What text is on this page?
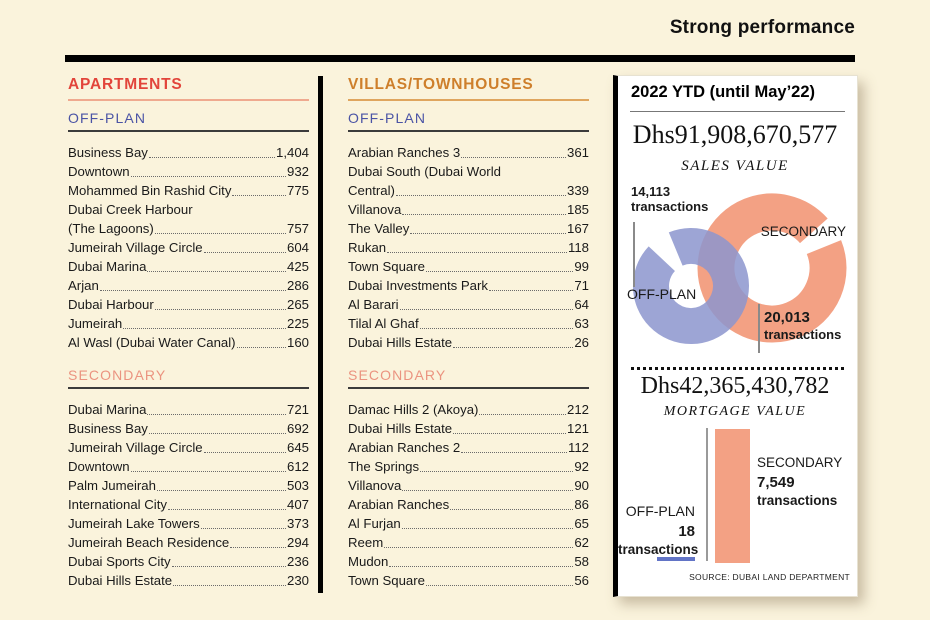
Strong performance
APARTMENTS
OFF-PLAN
Business Bay	1,404
Downtown	932
Mohammed Bin Rashid City	775
Dubai Creek Harbour
(The Lagoons)	757
Jumeirah Village Circle	604
Dubai Marina	425
Arjan	286
Dubai Harbour	265
Jumeirah	225
Al Wasl (Dubai Water Canal)	160
SECONDARY
Dubai Marina	721
Business Bay	692
Jumeirah Village Circle	645
Downtown	612
Palm Jumeirah	503
International City	407
Jumeirah Lake Towers	373
Jumeirah Beach Residence	294
Dubai Sports City	236
Dubai Hills Estate	230
VILLAS/TOWNHOUSES
OFF-PLAN
Arabian Ranches 3	361
Dubai South (Dubai World
Central)	339
Villanova	185
The Valley	167
Rukan	118
Town Square	99
Dubai Investments Park	71
Al Barari	64
Tilal Al Ghaf	63
Dubai Hills Estate	26
SECONDARY
Damac Hills 2 (Akoya)	212
Dubai Hills Estate	121
Arabian Ranches 2	112
The Springs	92
Villanova	90
Arabian Ranches	86
Al Furjan	65
Reem	62
Mudon	58
Town Square	56
2022 YTD (until May’22)
Dhs91,908,670,577
SALES VALUE
14,113
transactions
SECONDARY
OFF-PLAN
20,013
transactions
Dhs42,365,430,782
MORTGAGE VALUE
OFF-PLAN
18
transactions
SECONDARY
7,549
transactions
SOURCE: DUBAI LAND DEPARTMENT
